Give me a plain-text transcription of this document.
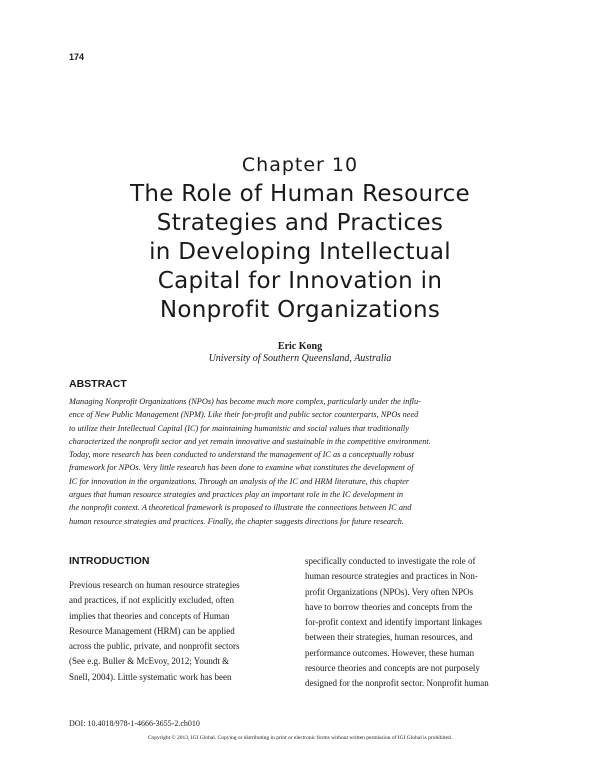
174
Chapter 10
The Role of Human Resource
Strategies and Practices
in Developing Intellectual
Capital for Innovation in
Nonprofit Organizations
Eric Kong
University of Southern Queensland, Australia
ABSTRACT
Managing Nonprofit Organizations (NPOs) has become much more complex, particularly under the influ-
ence of New Public Management (NPM). Like their for-profit and public sector counterparts, NPOs need
to utilize their Intellectual Capital (IC) for maintaining humanistic and social values that traditionally
characterized the nonprofit sector and yet remain innovative and sustainable in the competitive environment.
Today, more research has been conducted to understand the management of IC as a conceptually robust
framework for NPOs. Very little research has been done to examine what constitutes the development of
IC for innovation in the organizations. Through an analysis of the IC and HRM literature, this chapter
argues that human resource strategies and practices play an important role in the IC development in
the nonprofit context. A theoretical framework is proposed to illustrate the connections between IC and
human resource strategies and practices. Finally, the chapter suggests directions for future research.
INTRODUCTION
Previous research on human resource strategies
and practices, if not explicitly excluded, often
implies that theories and concepts of Human
Resource Management (HRM) can be applied
across the public, private, and nonprofit sectors
(See e.g. Buller & McEvoy, 2012; Youndt &
Snell, 2004). Little systematic work has been
specifically conducted to investigate the role of
human resource strategies and practices in Non-
profit Organizations (NPOs). Very often NPOs
have to borrow theories and concepts from the
for-profit context and identify important linkages
between their strategies, human resources, and
performance outcomes. However, these human
resource theories and concepts are not purposely
designed for the nonprofit sector. Nonprofit human
DOI: 10.4018/978-1-4666-3655-2.ch010
Copyright © 2013, IGI Global. Copying or distributing in print or electronic forms without written permission of IGI Global is prohibited.
